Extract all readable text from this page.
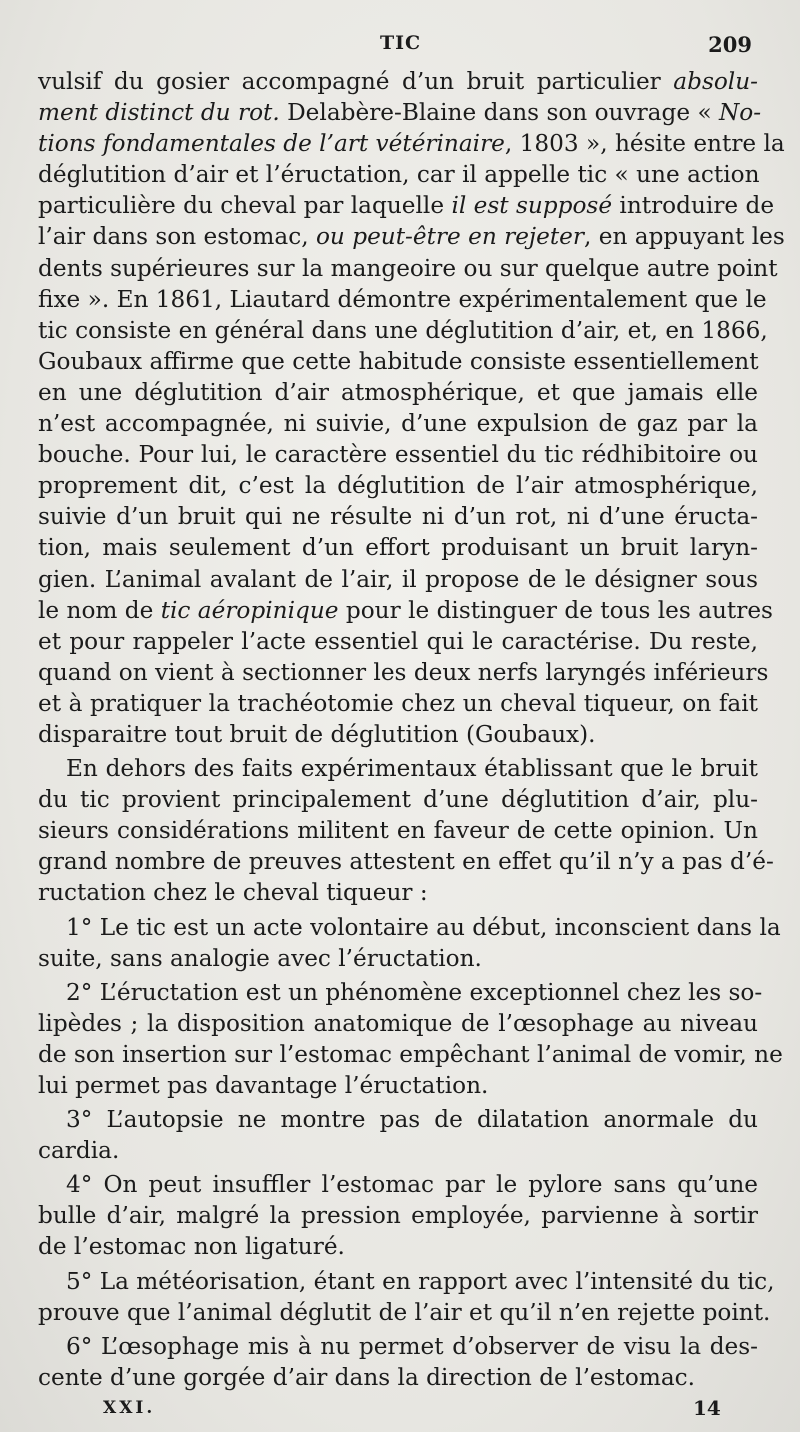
TIC	209
vulsif du gosier accompagné d’un bruit particulier absolu-
ment distinct du rot. Delabère-Blaine dans son ouvrage « No-
tions fondamentales de l’art vétérinaire, 1803 », hésite entre la
déglutition d’air et l’éructation, car il appelle tic « une action
particulière du cheval par laquelle il est supposé introduire de
l’air dans son estomac, ou peut-être en rejeter, en appuyant les
dents supérieures sur la mangeoire ou sur quelque autre point
fixe ». En 1861, Liautard démontre expérimentalement que le
tic consiste en général dans une déglutition d’air, et, en 1866,
Goubaux affirme que cette habitude consiste essentiellement
en une déglutition d’air atmosphérique, et que jamais elle
n’est accompagnée, ni suivie, d’une expulsion de gaz par la
bouche. Pour lui, le caractère essentiel du tic rédhibitoire ou
proprement dit, c’est la déglutition de l’air atmosphérique,
suivie d’un bruit qui ne résulte ni d’un rot, ni d’une éructa-
tion, mais seulement d’un effort produisant un bruit laryn-
gien. L’animal avalant de l’air, il propose de le désigner sous
le nom de tic aéropinique pour le distinguer de tous les autres
et pour rappeler l’acte essentiel qui le caractérise. Du reste,
quand on vient à sectionner les deux nerfs laryngés inférieurs
et à pratiquer la trachéotomie chez un cheval tiqueur, on fait
disparaitre tout bruit de déglutition (Goubaux).
En dehors des faits expérimentaux établissant que le bruit
du tic provient principalement d’une déglutition d’air, plu-
sieurs considérations militent en faveur de cette opinion. Un
grand nombre de preuves attestent en effet qu’il n’y a pas d’é-
ructation chez le cheval tiqueur :
1° Le tic est un acte volontaire au début, inconscient dans la
suite, sans analogie avec l’éructation.
2° L’éructation est un phénomène exceptionnel chez les so-
lipèdes ; la disposition anatomique de l’œsophage au niveau
de son insertion sur l’estomac empêchant l’animal de vomir, ne
lui permet pas davantage l’éructation.
3° L’autopsie ne montre pas de dilatation anormale du
cardia.
4° On peut insuffler l’estomac par le pylore sans qu’une
bulle d’air, malgré la pression employée, parvienne à sortir
de l’estomac non ligaturé.
5° La météorisation, étant en rapport avec l’intensité du tic,
prouve que l’animal déglutit de l’air et qu’il n’en rejette point.
6° L’œsophage mis à nu permet d’observer de visu la des-
cente d’une gorgée d’air dans la direction de l’estomac.
XXI.	14
